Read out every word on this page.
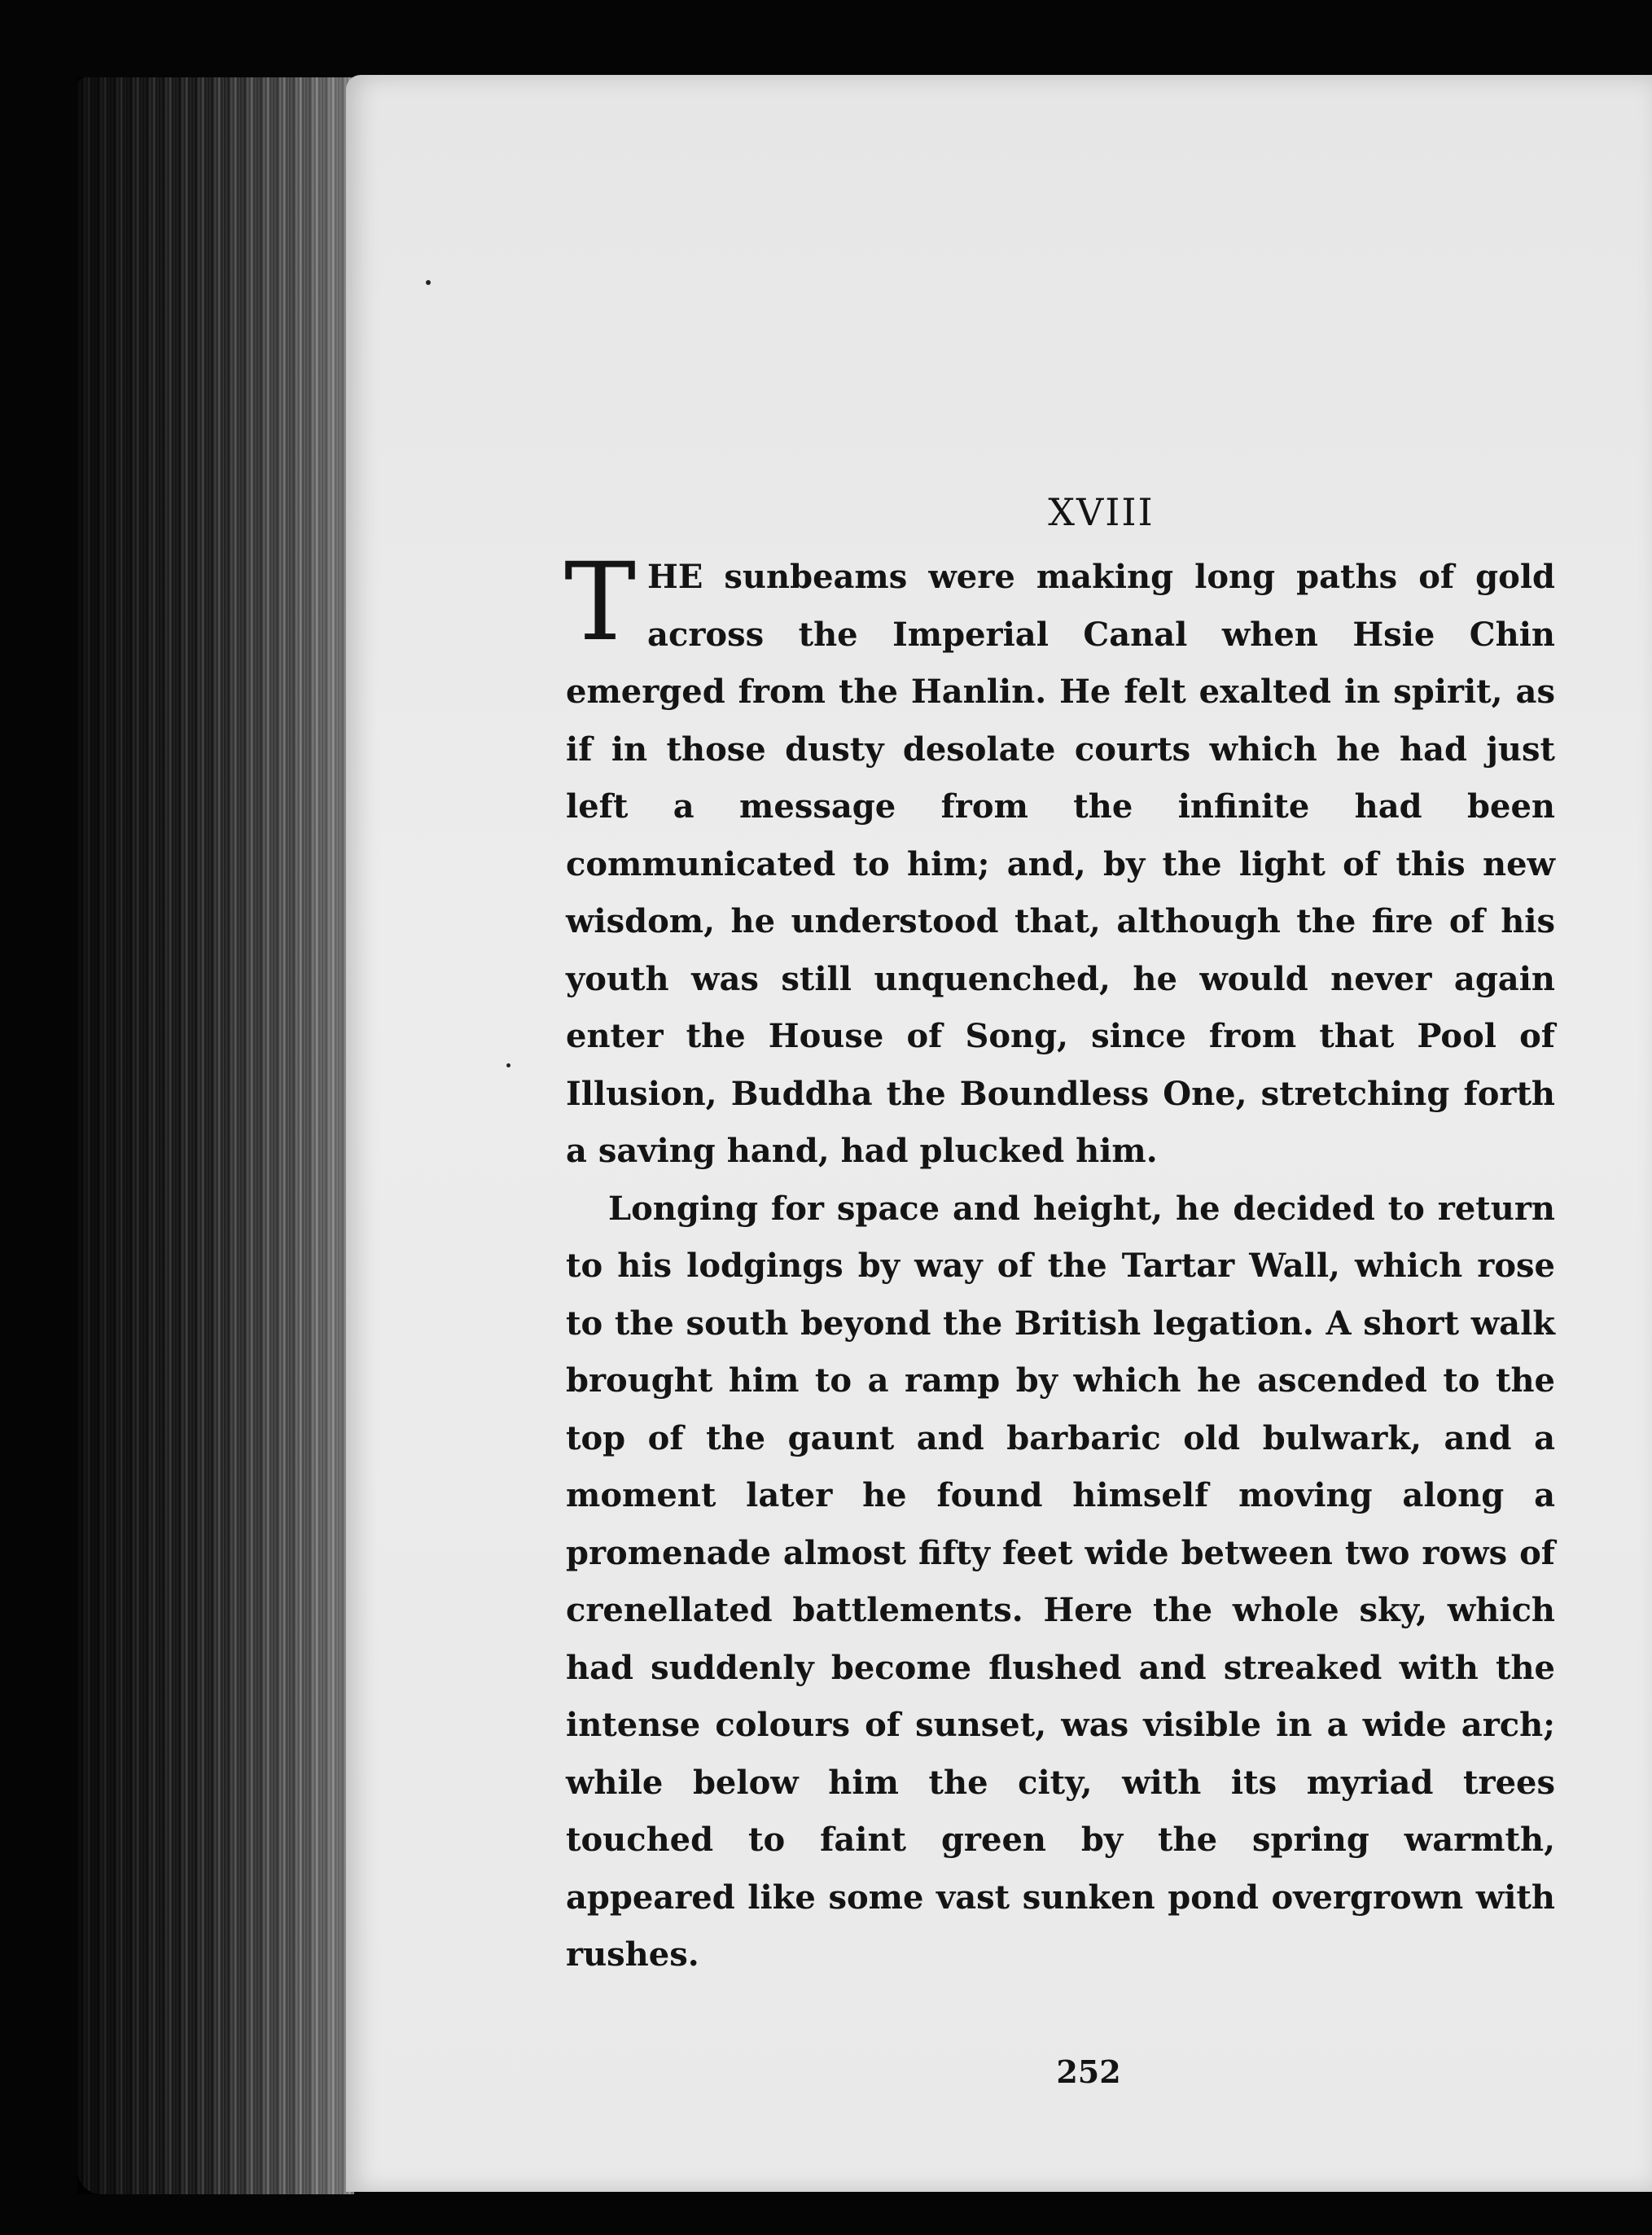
XVIII

THE sunbeams were making long paths of gold across the Imperial Canal when Hsie Chin emerged from the Hanlin. He felt exalted in spirit, as if in those dusty desolate courts which he had just left a message from the infinite had been communicated to him; and, by the light of this new wisdom, he understood that, although the fire of his youth was still unquenched, he would never again enter the House of Song, since from that Pool of Illusion, Buddha the Boundless One, stretching forth a saving hand, had plucked him.

Longing for space and height, he decided to return to his lodgings by way of the Tartar Wall, which rose to the south beyond the British legation. A short walk brought him to a ramp by which he ascended to the top of the gaunt and barbaric old bulwark, and a moment later he found himself moving along a promenade almost fifty feet wide between two rows of crenellated battlements. Here the whole sky, which had suddenly become flushed and streaked with the intense colours of sunset, was visible in a wide arch; while below him the city, with its myriad trees touched to faint green by the spring warmth, appeared like some vast sunken pond overgrown with rushes.

252
